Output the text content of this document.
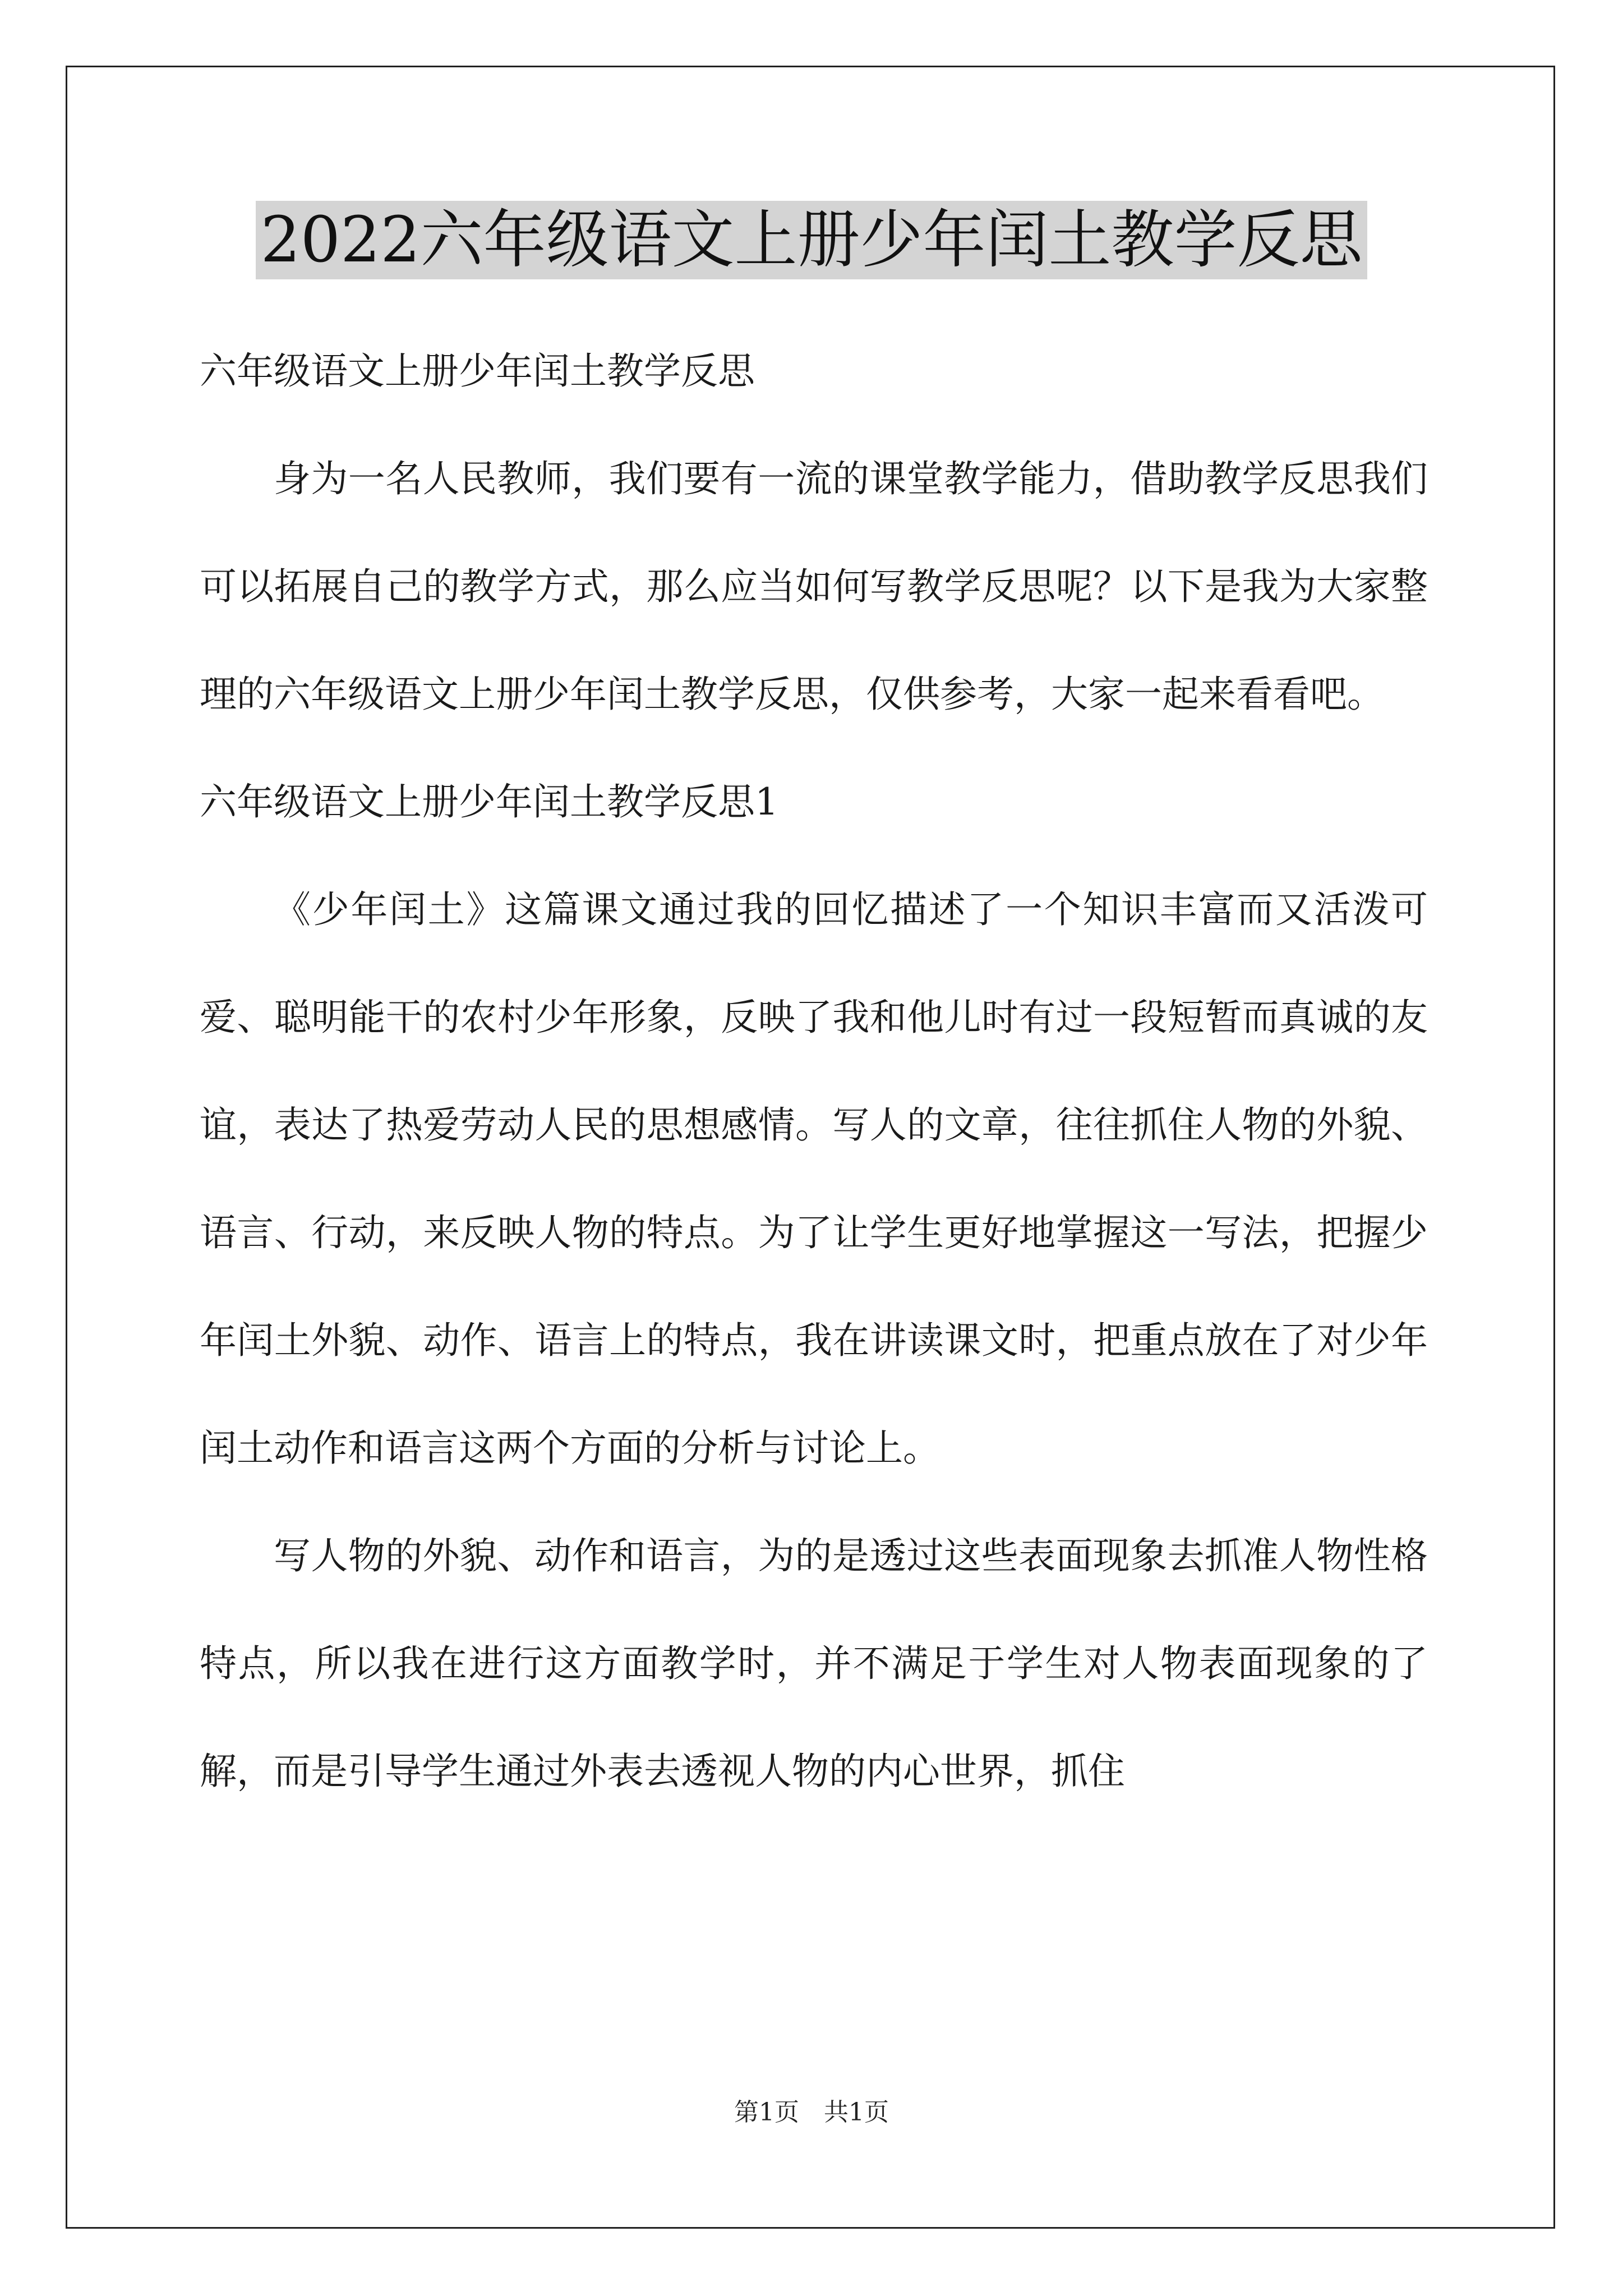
2022六年级语文上册少年闰土教学反思

六年级语文上册少年闰土教学反思

身为一名人民教师，我们要有一流的课堂教学能力，借助教学反思我们可以拓展自己的教学方式，那么应当如何写教学反思呢？以下是我为大家整理的六年级语文上册少年闰土教学反思，仅供参考，大家一起来看看吧。

六年级语文上册少年闰土教学反思1

《少年闰土》这篇课文通过我的回忆描述了一个知识丰富而又活泼可爱、聪明能干的农村少年形象，反映了我和他儿时有过一段短暂而真诚的友谊，表达了热爱劳动人民的思想感情。写人的文章，往往抓住人物的外貌、语言、行动，来反映人物的特点。为了让学生更好地掌握这一写法，把握少年闰土外貌、动作、语言上的特点，我在讲读课文时，把重点放在了对少年闰土动作和语言这两个方面的分析与讨论上。

写人物的外貌、动作和语言，为的是透过这些表面现象去抓准人物性格特点，所以我在进行这方面教学时，并不满足于学生对人物表面现象的了解，而是引导学生通过外表去透视人物的内心世界，抓住

第1页 共1页
